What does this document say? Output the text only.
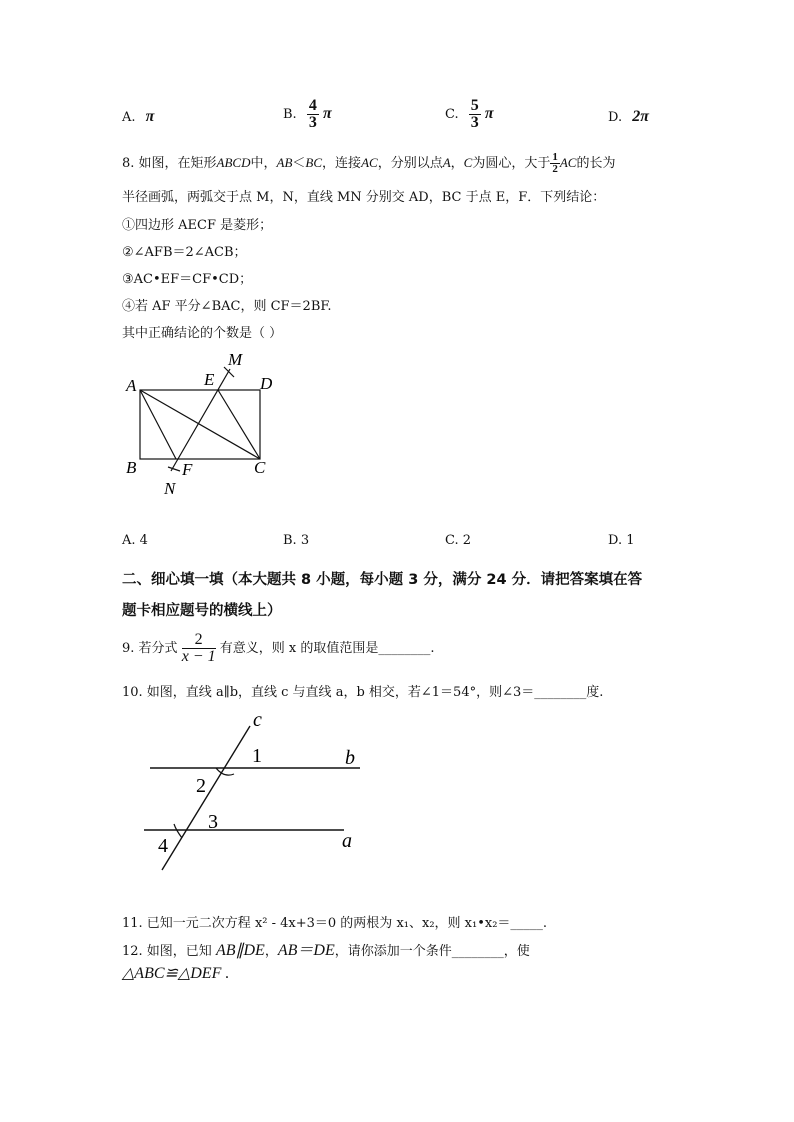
A. π	B. $\frac{4}{3}$ π	C. $\frac{5}{3}$ π	D. 2π
8. 如图，在矩形ABCD中，AB＜BC，连接AC，分别以点A，C为圆心，大于 $\frac{1}{2}$ AC的长为
半径画弧，两弧交于点 M，N，直线 MN 分别交 AD，BC 于点 E，F．下列结论：
①四边形 AECF 是菱形；
②∠AFB＝2∠ACB；
③AC•EF＝CF•CD；
④若 AF 平分∠BAC，则 CF＝2BF.
其中正确结论的个数是（ ）
A
B	C
D
E
F
M
N
A. 4	B. 3	C. 2	D. 1
二、细心填一填（本大题共 8 小题，每小题 3 分，满分 24 分．请把答案填在答
题卡相应题号的横线上）
9. 若分式 $\frac{2}{x - 1}$ 有意义，则 x 的取值范围是________.
10. 如图，直线 a∥b，直线 c 与直线 a，b 相交，若∠1＝54°，则∠3＝________度.
c
b
a
1
2
3
4
11. 已知一元二次方程 x² - 4x+3＝0 的两根为 x₁、x₂，则 x₁•x₂＝_____.
12. 如图，已知 AB∥DE，AB＝DE，请你添加一个条件________，使
△ABC≌△DEF .
